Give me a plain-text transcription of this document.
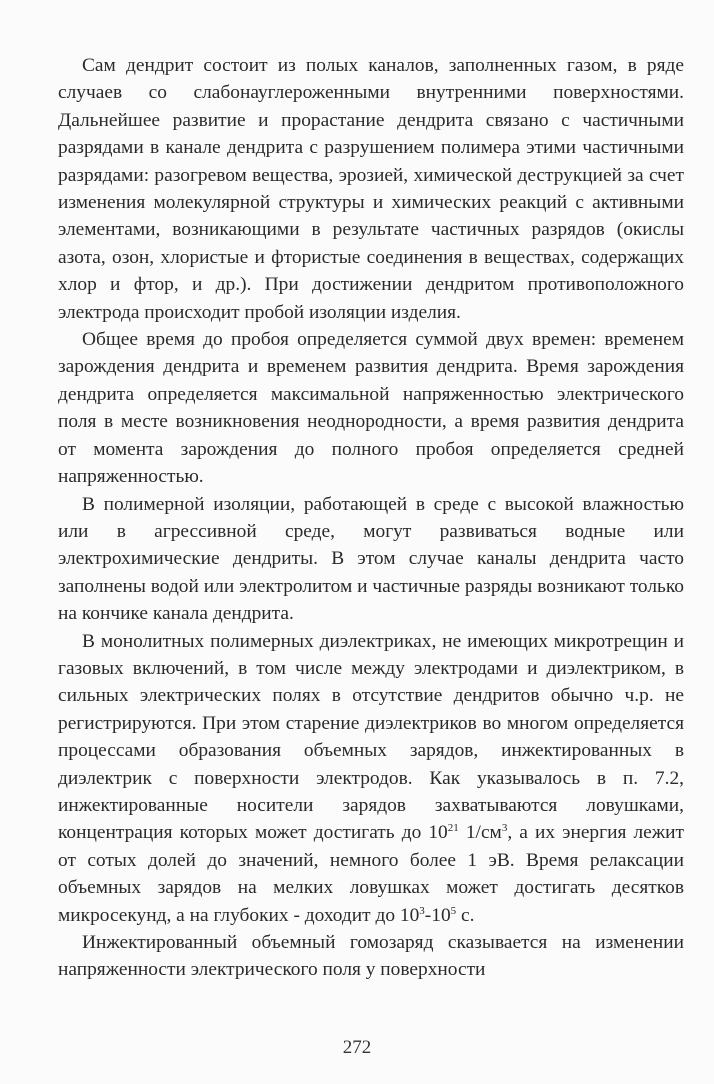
Сам дендрит состоит из полых каналов, заполненных газом, в ряде случаев со слабонауглероженными внутренними поверхностями. Дальнейшее развитие и прорастание дендрита связано с частичными разрядами в канале дендрита с разрушением полимера этими частичными разрядами: разогревом вещества, эрозией, химической деструкцией за счет изменения молекулярной структуры и химических реакций с активными элементами, возникающими в результате частичных разрядов (окислы азота, озон, хлористые и фтористые соединения в веществах, содержащих хлор и фтор, и др.). При достижении дендритом противоположного электрода происходит пробой изоляции изделия.

Общее время до пробоя определяется суммой двух времен: временем зарождения дендрита и временем развития дендрита. Время зарождения дендрита определяется максимальной напряженностью электрического поля в месте возникновения неоднородности, а время развития дендрита от момента зарождения до полного пробоя определяется средней напряженностью.

В полимерной изоляции, работающей в среде с высокой влажностью или в агрессивной среде, могут развиваться водные или электрохимические дендриты. В этом случае каналы дендрита часто заполнены водой или электролитом и частичные разряды возникают только на кончике канала дендрита.

В монолитных полимерных диэлектриках, не имеющих микротрещин и газовых включений, в том числе между электродами и диэлектриком, в сильных электрических полях в отсутствие дендритов обычно ч.р. не регистрируются. При этом старение диэлектриков во многом определяется процессами образования объемных зарядов, инжектированных в диэлектрик с поверхности электродов. Как указывалось в п. 7.2, инжектированные носители зарядов захватываются ловушками, концентрация которых может достигать до $10^{21}$ $1/см^3$, а их энергия лежит от сотых долей до значений, немного более 1 эВ. Время релаксации объемных зарядов на мелких ловушках может достигать десятков микросекунд, а на глубоких - доходит до $10^3-10^5$ с.

Инжектированный объемный гомозаряд сказывается на изменении напряженности электрического поля у поверхности

272
